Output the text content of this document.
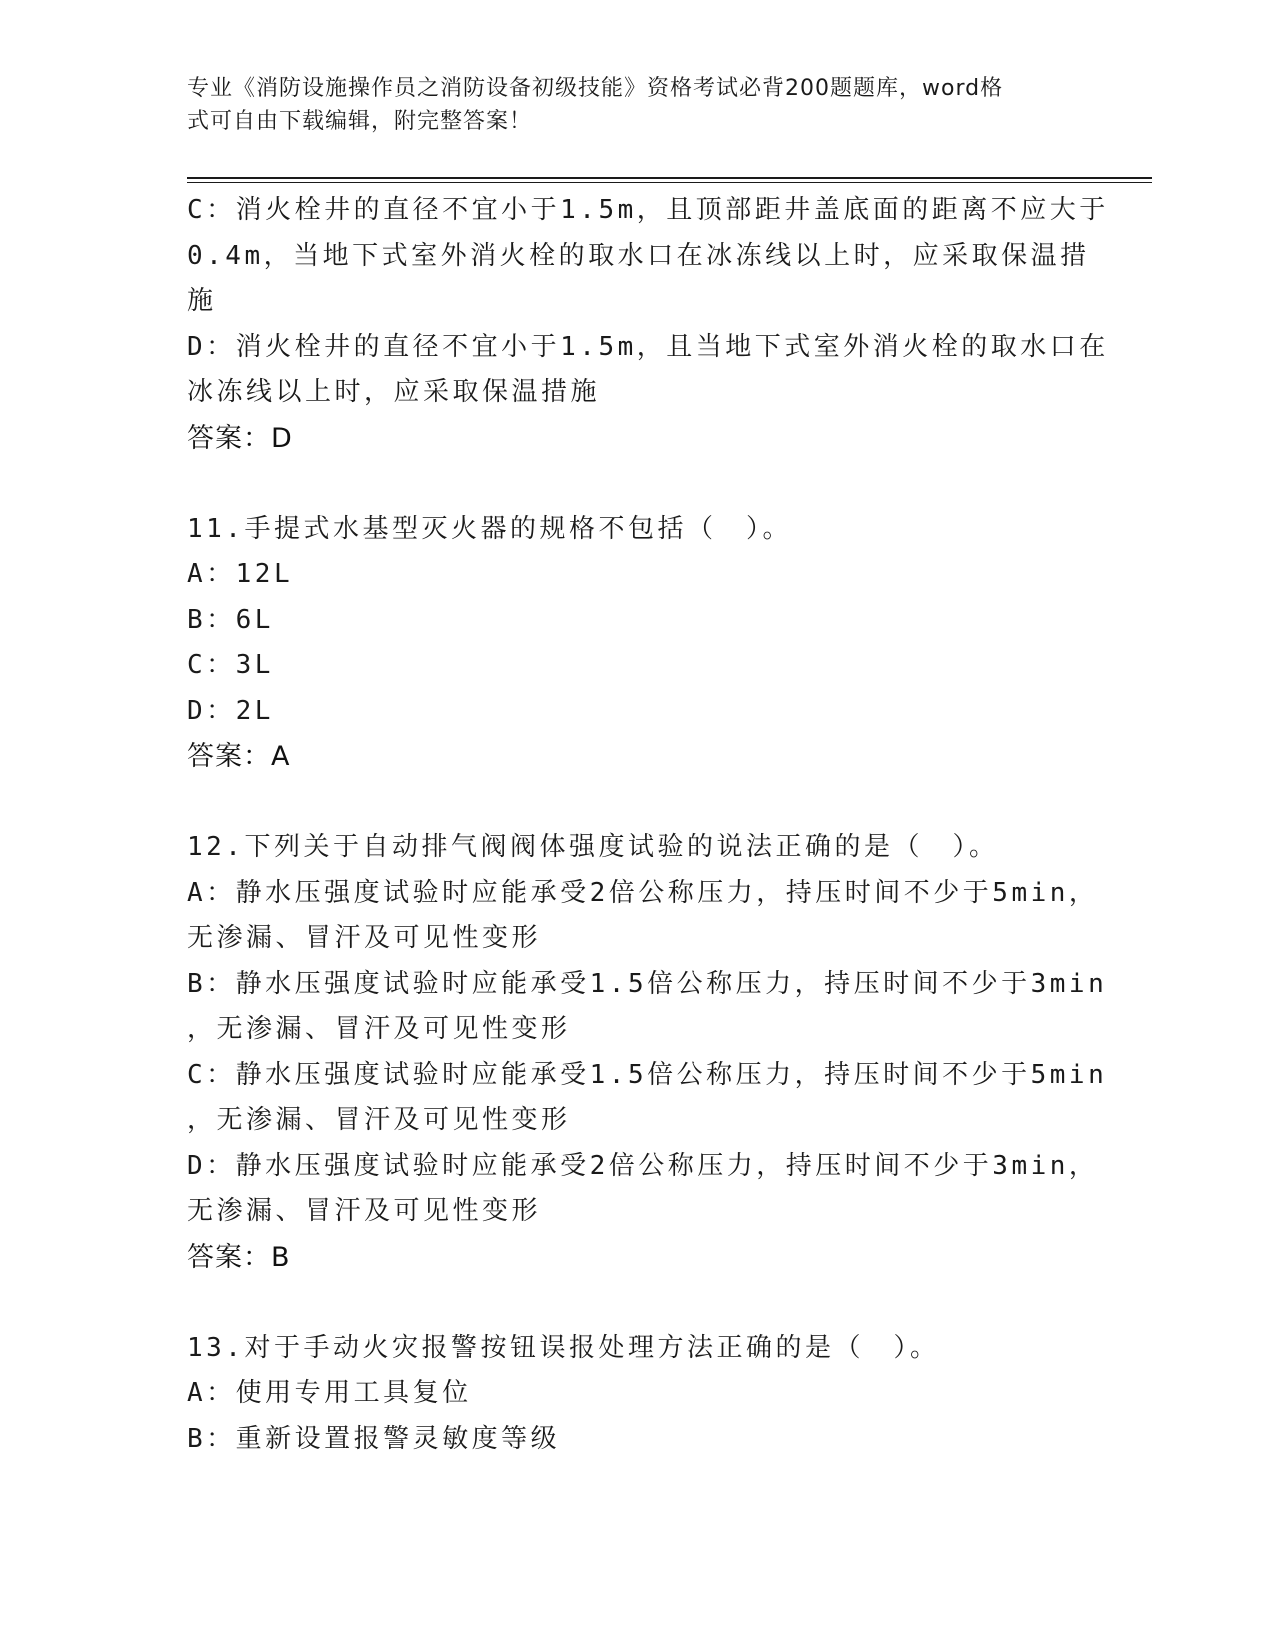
专业《消防设施操作员之消防设备初级技能》资格考试必背200题题库，word格
式可自由下载编辑，附完整答案！
C：消火栓井的直径不宜小于1.5m，且顶部距井盖底面的距离不应大于
0.4m，当地下式室外消火栓的取水口在冰冻线以上时，应采取保温措
施
D：消火栓井的直径不宜小于1.5m，且当地下式室外消火栓的取水口在
冰冻线以上时，应采取保温措施
答案：D
11.手提式水基型灭火器的规格不包括（　）。
A：12L
B：6L
C：3L
D：2L
答案：A
12.下列关于自动排气阀阀体强度试验的说法正确的是（　）。
A：静水压强度试验时应能承受2倍公称压力，持压时间不少于5min，
无渗漏、冒汗及可见性变形
B：静水压强度试验时应能承受1.5倍公称压力，持压时间不少于3min
，无渗漏、冒汗及可见性变形
C：静水压强度试验时应能承受1.5倍公称压力，持压时间不少于5min
，无渗漏、冒汗及可见性变形
D：静水压强度试验时应能承受2倍公称压力，持压时间不少于3min，
无渗漏、冒汗及可见性变形
答案：B
13.对于手动火灾报警按钮误报处理方法正确的是（　）。
A：使用专用工具复位
B：重新设置报警灵敏度等级
